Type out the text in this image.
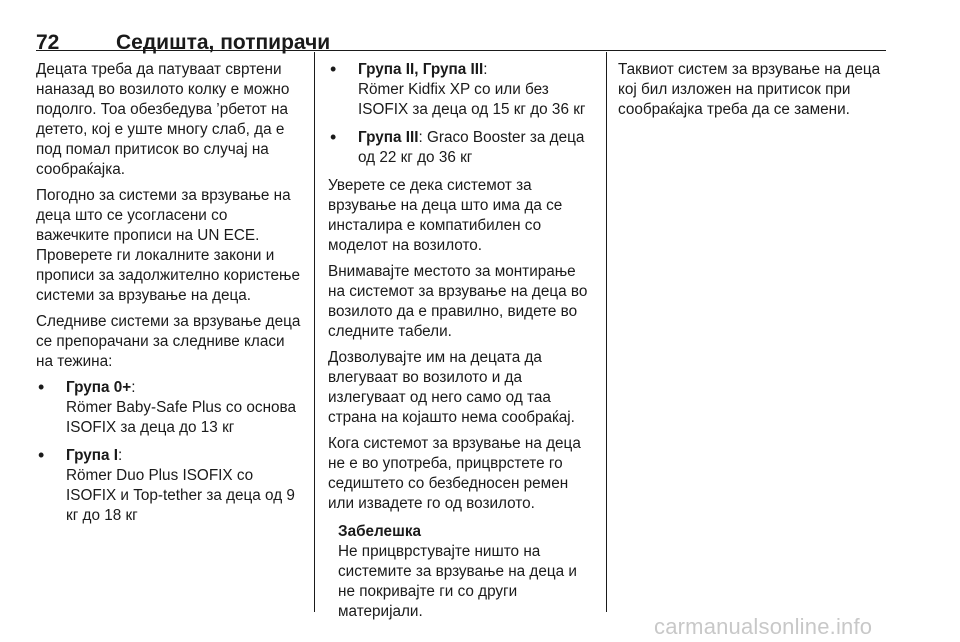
72	Седишта, потпирачи

Децата треба да патуваат свртени наназад во возилото колку е можно подолго. Тоа обезбедува ’рбетот на детето, кој е уште многу слаб, да е под помал притисок во случај на сообраќајка.

Погодно за системи за врзување на деца што се усогласени со важечките прописи на UN ECE. Проверете ги локалните закони и прописи за задолжително користење системи за врзување на деца.

Следниве системи за врзување деца се препорачани за следниве класи на тежина:

• Група 0+:
Römer Baby-Safe Plus со основа ISOFIX за деца до 13 кг
• Група I:
Römer Duo Plus ISOFIX со ISOFIX и Top-tether за деца од 9 кг до 18 кг
• Група II, Група III:
Römer Kidfix XP со или без ISOFIX за деца од 15 кг до 36 кг
• Група III: Graco Booster за деца од 22 кг до 36 кг

Уверете се дека системот за врзување на деца што има да се инсталира е компатибилен со моделот на возилото.

Внимавајте местото за монтирање на системот за врзување на деца во возилото да е правилно, видете во следните табели.

Дозволувајте им на децата да влегуваат во возилото и да излегуваат од него само од таа страна на којашто нема сообраќај.

Кога системот за врзување на деца не е во употреба, прицврстете го седиштето со безбедносен ремен или извадете го од возилото.

Забелешка
Не прицврстувајте ништо на системите за врзување на деца и не покривајте ги со други материјали.

Таквиот систем за врзување на деца кој бил изложен на притисок при сообраќајка треба да се замени.

carmanualsonline.info
